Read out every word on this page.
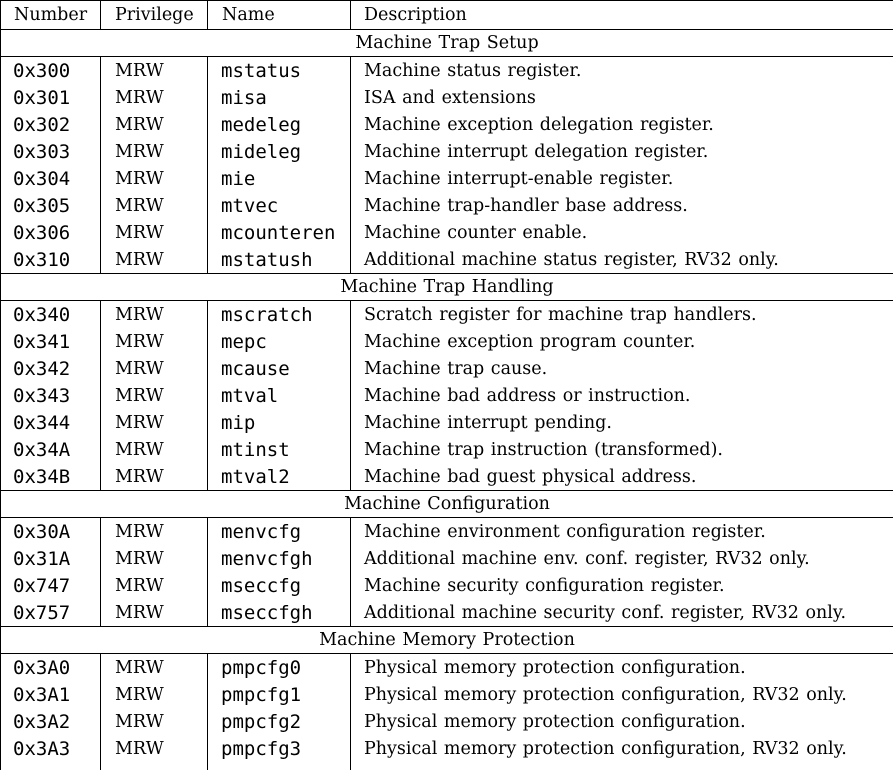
Number	Privilege	Name	Description
Machine Trap Setup			
0x300	MRW	mstatus	Machine status register.
0x301	MRW	misa	ISA and extensions
0x302	MRW	medeleg	Machine exception delegation register.
0x303	MRW	mideleg	Machine interrupt delegation register.
0x304	MRW	mie	Machine interrupt-enable register.
0x305	MRW	mtvec	Machine trap-handler base address.
0x306	MRW	mcounteren	Machine counter enable.
0x310	MRW	mstatush	Additional machine status register, RV32 only.
Machine Trap Handling			
0x340	MRW	mscratch	Scratch register for machine trap handlers.
0x341	MRW	mepc	Machine exception program counter.
0x342	MRW	mcause	Machine trap cause.
0x343	MRW	mtval	Machine bad address or instruction.
0x344	MRW	mip	Machine interrupt pending.
0x34A	MRW	mtinst	Machine trap instruction (transformed).
0x34B	MRW	mtval2	Machine bad guest physical address.
Machine Configuration			
0x30A	MRW	menvcfg	Machine environment configuration register.
0x31A	MRW	menvcfgh	Additional machine env. conf. register, RV32 only.
0x747	MRW	mseccfg	Machine security configuration register.
0x757	MRW	mseccfgh	Additional machine security conf. register, RV32 only.
Machine Memory Protection			
0x3A0	MRW	pmpcfg0	Physical memory protection configuration.
0x3A1	MRW	pmpcfg1	Physical memory protection configuration, RV32 only.
0x3A2	MRW	pmpcfg2	Physical memory protection configuration.
0x3A3	MRW	pmpcfg3	Physical memory protection configuration, RV32 only.
